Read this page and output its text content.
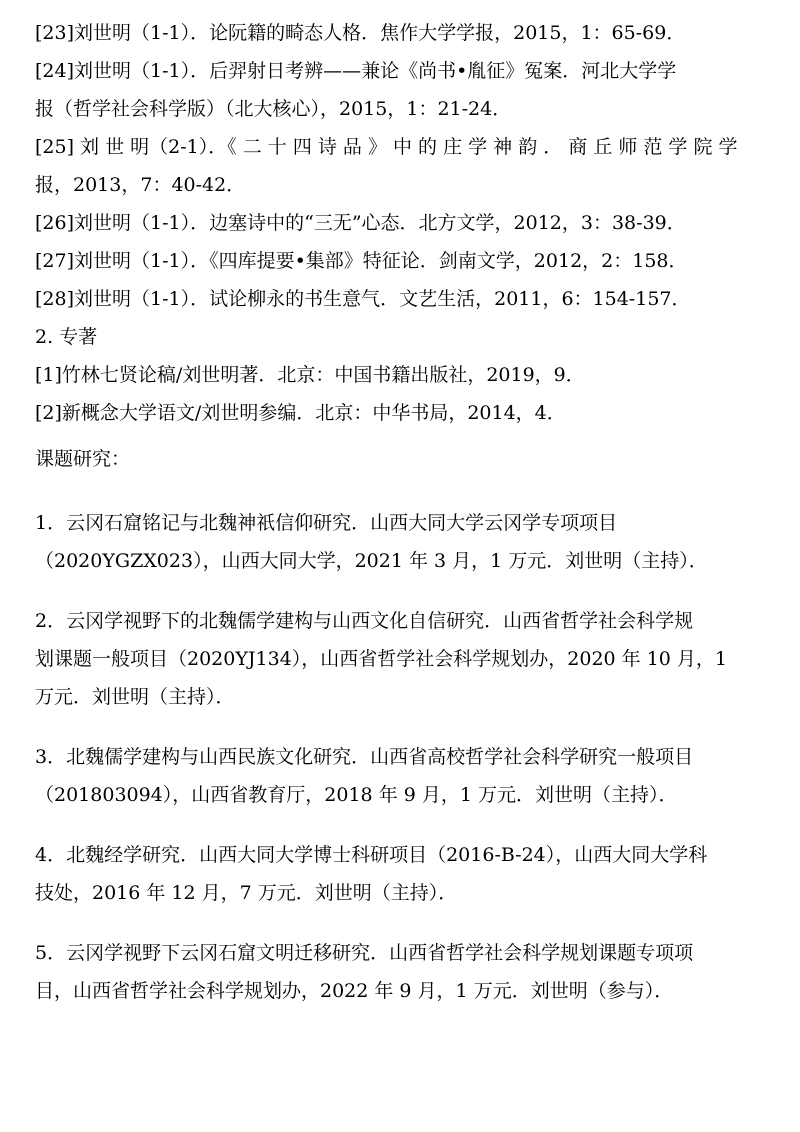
[23]刘世明（1-1）．论阮籍的畸态人格．焦作大学学报，2015，1：65-69．

[24]刘世明（1-1）．后羿射日考辨——兼论《尚书•胤征》冤案．河北大学学

报（哲学社会科学版）（北大核心），2015，1：21-24．

[25] 刘 世 明（2-1）．《 二 十 四 诗 品 》 中 的 庄 学 神 韵 ． 商 丘 师 范 学 院 学

报，2013，7：40-42．

[26]刘世明（1-1）．边塞诗中的“三无”心态．北方文学，2012，3：38-39．

[27]刘世明（1-1）．《四库提要•集部》特征论．剑南文学，2012，2：158．

[28]刘世明（1-1）．试论柳永的书生意气．文艺生活，2011，6：154-157．

2. 专著

[1]竹林七贤论稿/刘世明著．北京：中国书籍出版社，2019，9．

[2]新概念大学语文/刘世明参编．北京：中华书局，2014，4．

课题研究：

1．云冈石窟铭记与北魏神祇信仰研究．山西大同大学云冈学专项项目

（2020YGZX023），山西大同大学，2021 年 3 月，1 万元．刘世明（主持）．

2．云冈学视野下的北魏儒学建构与山西文化自信研究．山西省哲学社会科学规

划课题一般项目（2020YJ134），山西省哲学社会科学规划办，2020 年 10 月，1

万元．刘世明（主持）．

3．北魏儒学建构与山西民族文化研究．山西省高校哲学社会科学研究一般项目

（201803094），山西省教育厅，2018 年 9 月，1 万元．刘世明（主持）．

4．北魏经学研究．山西大同大学博士科研项目（2016-B-24），山西大同大学科

技处，2016 年 12 月，7 万元．刘世明（主持）．

5．云冈学视野下云冈石窟文明迁移研究．山西省哲学社会科学规划课题专项项

目，山西省哲学社会科学规划办，2022 年 9 月，1 万元．刘世明（参与）．
